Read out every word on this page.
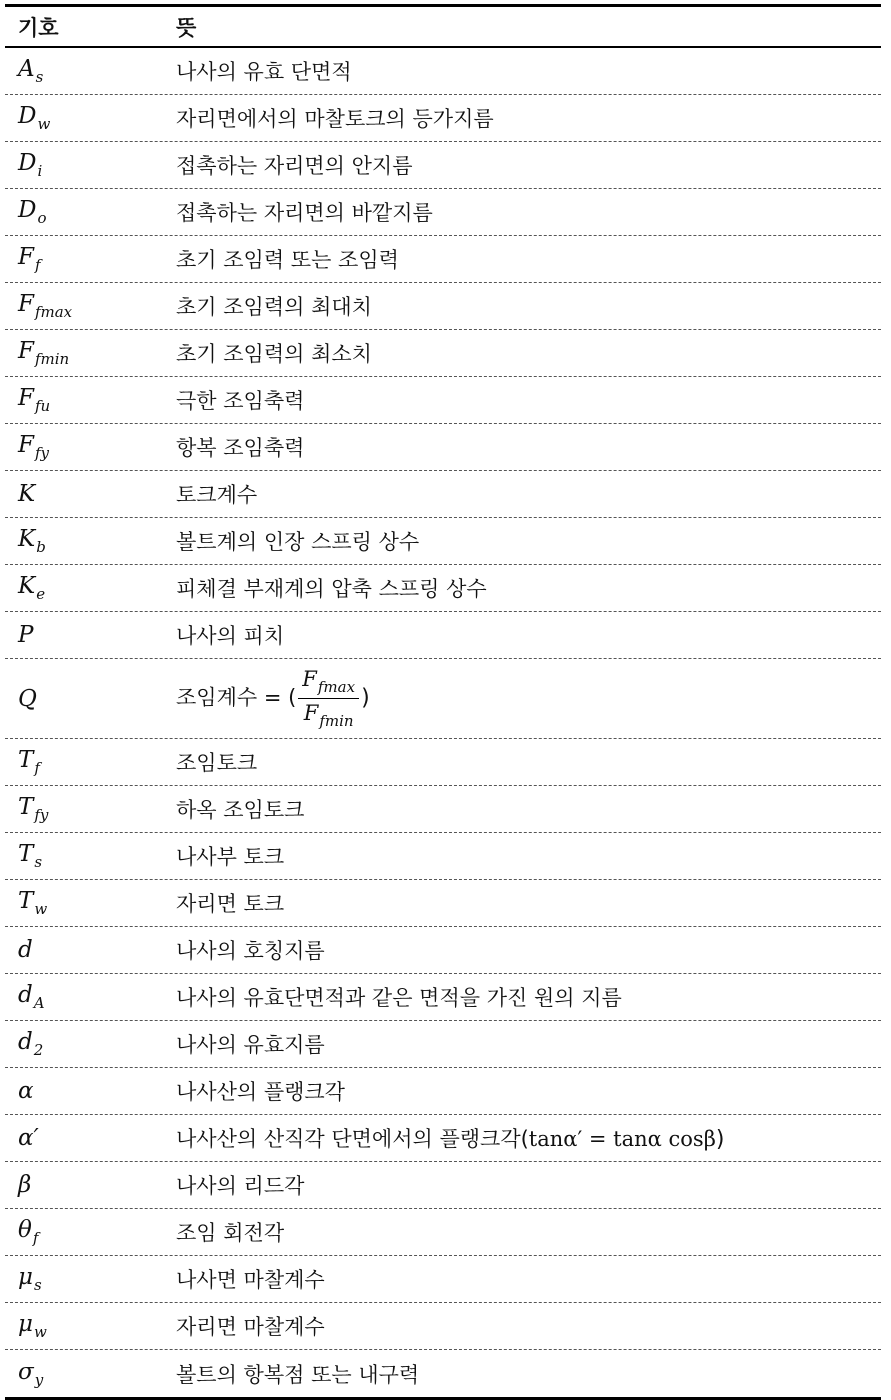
기호	뜻
$A_s$	나사의 유효 단면적
$D_w$	자리면에서의 마찰토크의 등가지름
$D_i$	접촉하는 자리면의 안지름
$D_o$	접촉하는 자리면의 바깥지름
$F_f$	초기 조임력 또는 조임력
$F_{fmax}$	초기 조임력의 최대치
$F_{fmin}$	초기 조임력의 최소치
$F_{fu}$	극한 조임축력
$F_{fy}$	항복 조임축력
K	토크계수
$K_b$	볼트계의 인장 스프링 상수
$K_e$	피체결 부재계의 압축 스프링 상수
P	나사의 피치
Q	조임계수 = ( $\frac{F_{fmax}}{F_{fmin}}$ )
$T_f$	조임토크
$T_{fy}$	하옥 조임토크
$T_s$	나사부 토크
$T_w$	자리면 토크
d	나사의 호칭지름
$d_A$	나사의 유효단면적과 같은 면적을 가진 원의 지름
$d_2$	나사의 유효지름
α	나사산의 플랭크각
α′	나사산의 산직각 단면에서의 플랭크각(tanα′ = tanα cosβ)
β	나사의 리드각
$\theta_f$	조임 회전각
$\mu_s$	나사면 마찰계수
$\mu_w$	자리면 마찰계수
$\sigma_y$	볼트의 항복점 또는 내구력
